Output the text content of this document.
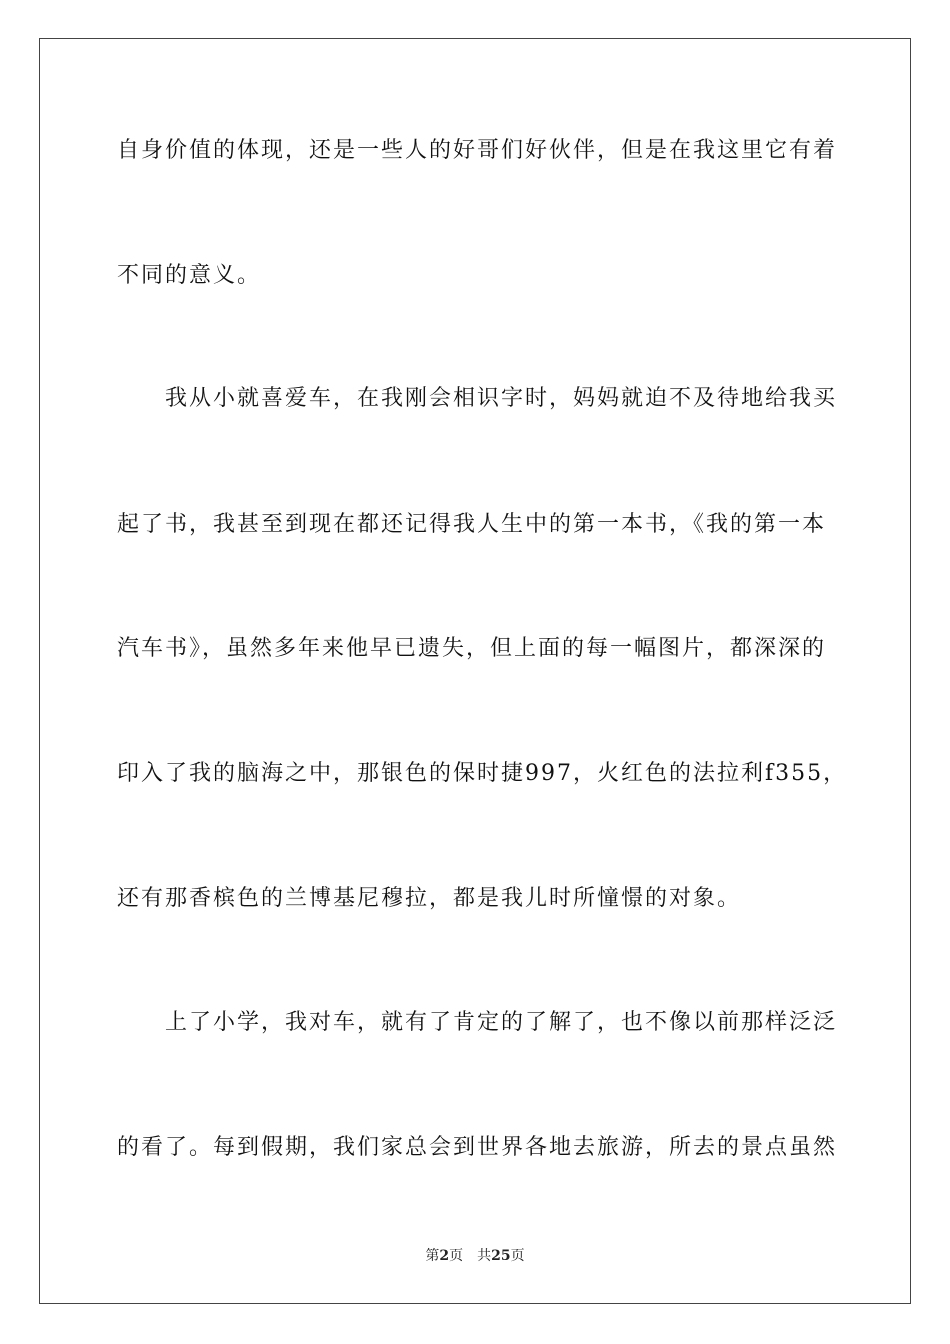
自身价值的体现，还是一些人的好哥们好伙伴，但是在我这里它有着
不同的意义。
我从小就喜爱车，在我刚会相识字时，妈妈就迫不及待地给我买
起了书，我甚至到现在都还记得我人生中的第一本书，《我的第一本
汽车书》，虽然多年来他早已遗失，但上面的每一幅图片，都深深的
印入了我的脑海之中，那银色的保时捷997，火红色的法拉利f355，
还有那香槟色的兰博基尼穆拉，都是我儿时所憧憬的对象。
上了小学，我对车，就有了肯定的了解了，也不像以前那样泛泛
的看了。每到假期，我们家总会到世界各地去旅游，所去的景点虽然
第2页 共25页
